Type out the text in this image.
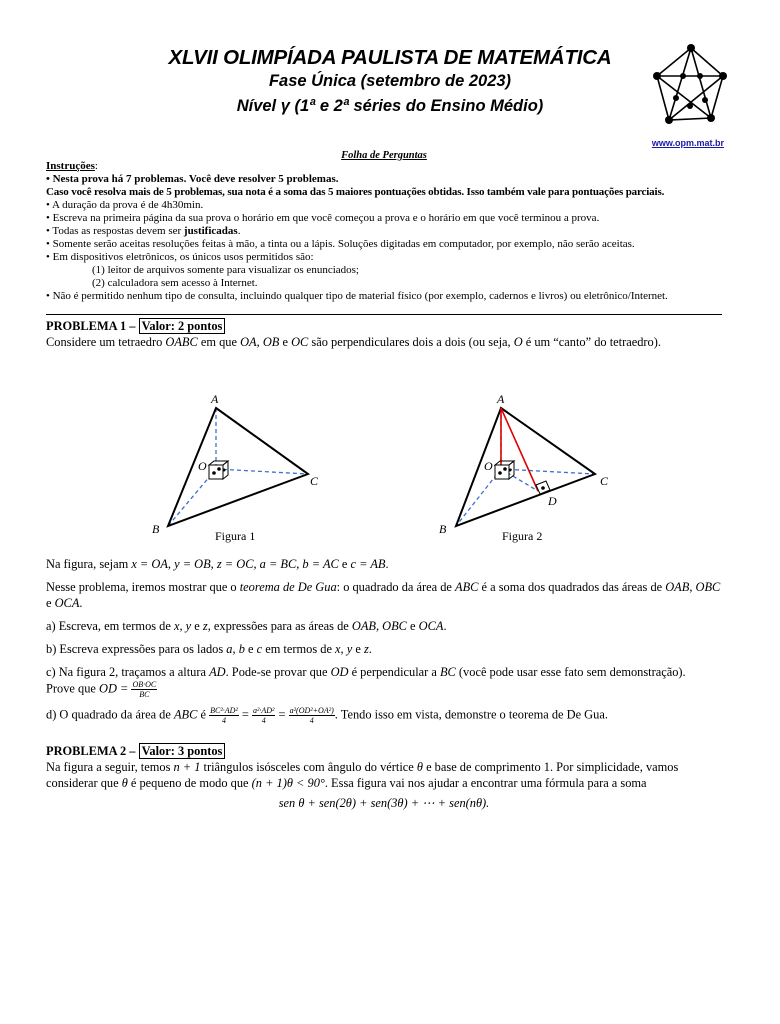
XLVII OLIMPÍADA PAULISTA DE MATEMÁTICA
Fase Única (setembro de 2023)
Nível γ (1ª e 2ª séries do Ensino Médio)
www.opm.mat.br
Folha de Perguntas
Instruções:
• Nesta prova há 7 problemas. Você deve resolver 5 problemas.
Caso você resolva mais de 5 problemas, sua nota é a soma das 5 maiores pontuações obtidas. Isso também vale para pontuações parciais.
• A duração da prova é de 4h30min.
• Escreva na primeira página da sua prova o horário em que você começou a prova e o horário em que você terminou a prova.
• Todas as respostas devem ser justificadas.
• Somente serão aceitas resoluções feitas à mão, a tinta ou a lápis. Soluções digitadas em computador, por exemplo, não serão aceitas.
• Em dispositivos eletrônicos, os únicos usos permitidos são:
(1) leitor de arquivos somente para visualizar os enunciados;
(2) calculadora sem acesso à Internet.
• Não é permitido nenhum tipo de consulta, incluindo qualquer tipo de material físico (por exemplo, cadernos e livros) ou eletrônico/Internet.

PROBLEMA 1 – Valor: 2 pontos

Considere um tetraedro OABC em que OA, OB e OC são perpendiculares dois a dois (ou seja, O é um “canto” do tetraedro).

A
O
C
B
A
O
C
D
B
Figura 1	Figura 2

Na figura, sejam x = OA, y = OB, z = OC, a = BC, b = AC e c = AB.

Nesse problema, iremos mostrar que o teorema de De Gua: o quadrado da área de ABC é a soma dos quadrados das áreas de OAB, OBC e OCA.

a) Escreva, em termos de x, y e z, expressões para as áreas de OAB, OBC e OCA.

b) Escreva expressões para os lados a, b e c em termos de x, y e z.

c) Na figura 2, traçamos a altura AD. Pode-se provar que OD é perpendicular a BC (você pode usar esse fato sem demonstração).
Prove que OD = $\frac{OB\cdot OC}{BC}$

d) O quadrado da área de ABC é $\frac{\text{BC²·AD²}}{4} = \frac{\text{a²·AD²}}{4} = \frac{\text{a²(OD²+OA²)}}{4}$ . Tendo isso em vista, demonstre o teorema de De Gua.

PROBLEMA 2 – Valor: 3 pontos

Na figura a seguir, temos n + 1 triângulos isósceles com ângulo do vértice θ e base de comprimento 1. Por simplicidade, vamos considerar que θ é pequeno de modo que (n + 1)θ < 90°. Essa figura vai nos ajudar a encontrar uma fórmula para a soma

sen θ + sen(2θ) + sen(3θ) + ⋯ + sen(nθ).
